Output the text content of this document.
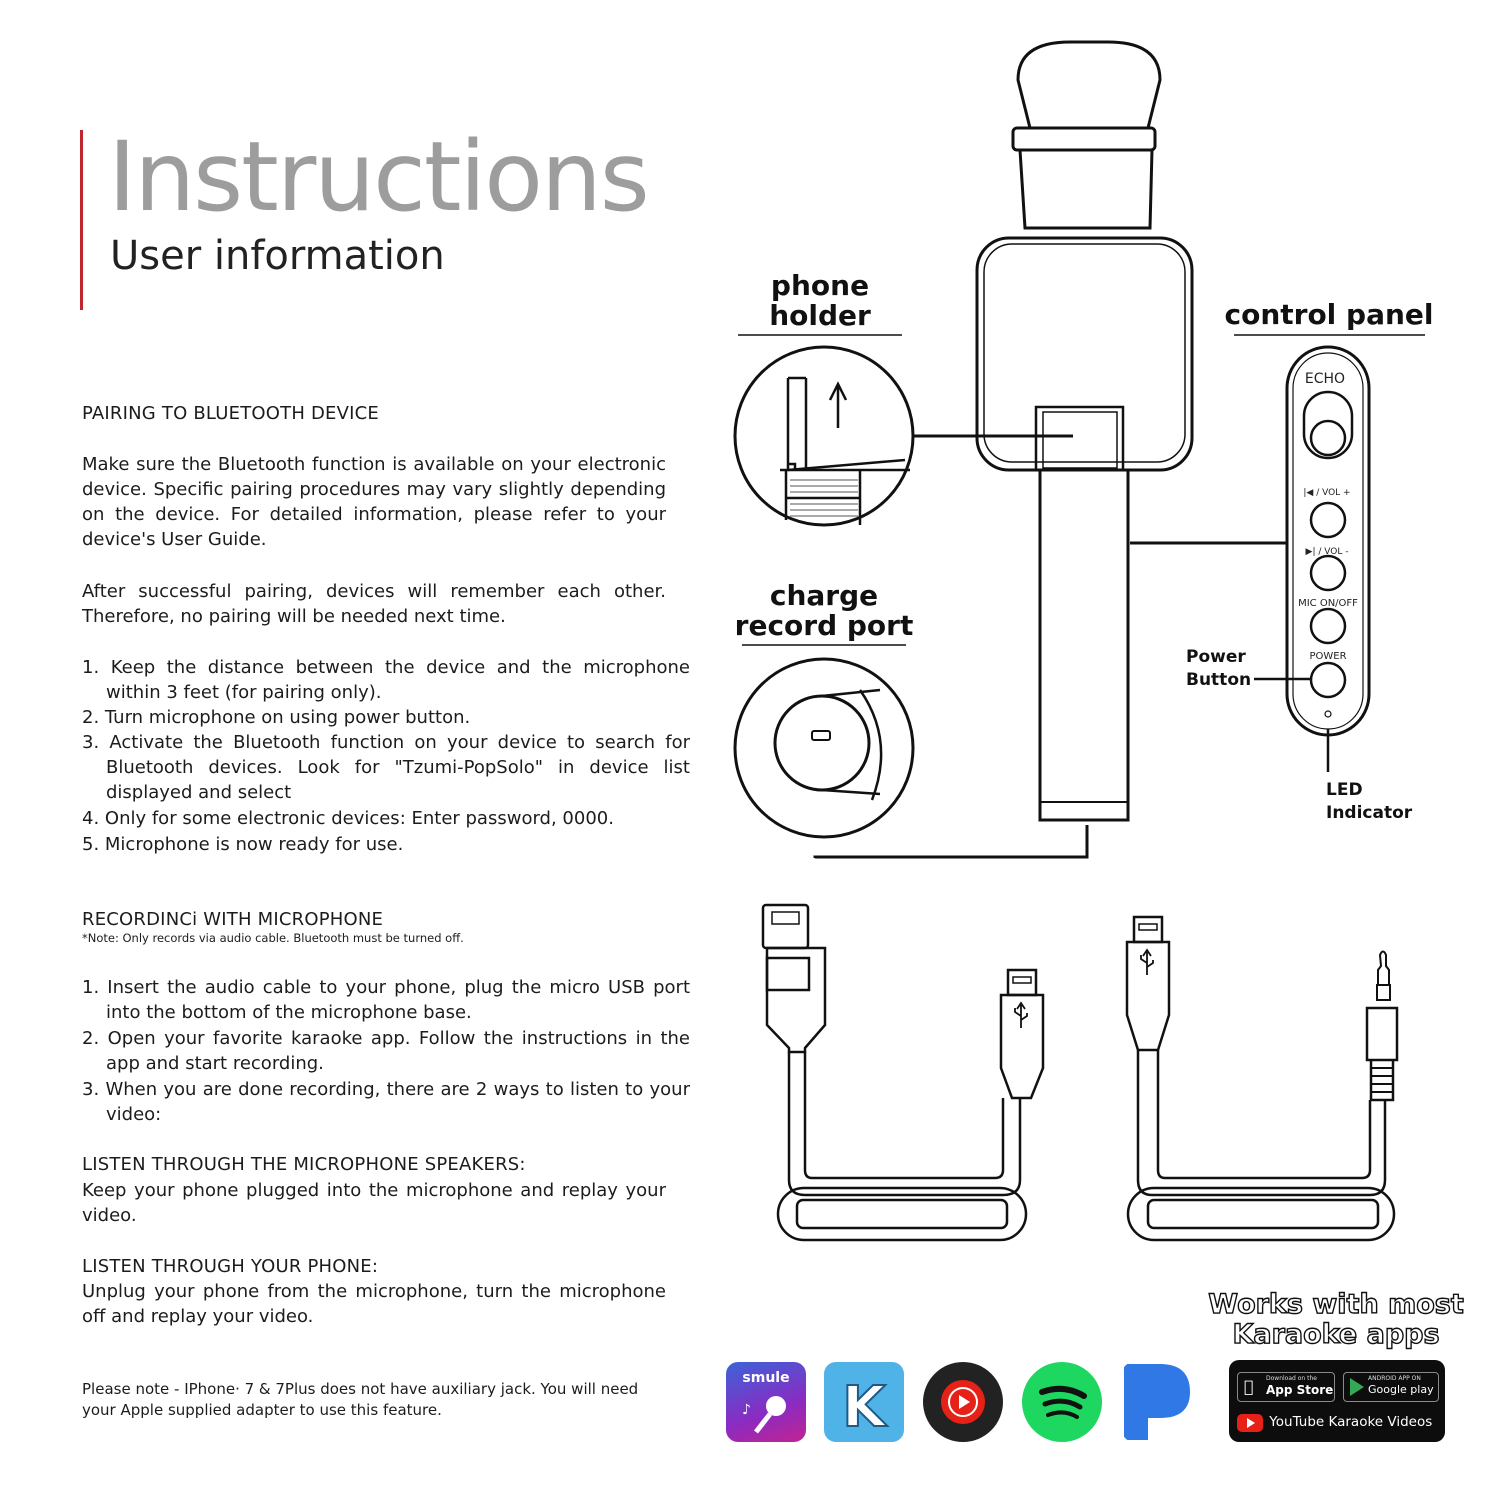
Instructions
User information
PAIRING TO BLUETOOTH DEVICE

Make sure the Bluetooth function is available on your electronic device. Specific pairing procedures may vary slightly depending on the device. For detailed information, please refer to your device's User Guide.

After successful pairing, devices will remember each other. Therefore, no pairing will be needed next time.

1. Keep the distance between the device and the microphone within 3 feet (for pairing only).
2. Turn microphone on using power button.
3. Activate the Bluetooth function on your device to search for Bluetooth devices. Look for "Tzumi-PopSolo" in device list displayed and select
4. Only for some electronic devices: Enter password, 0000.
5. Microphone is now ready for use.
RECORDINCi WITH MICROPHONE
*Note: Only records via audio cable. Bluetooth must be turned off.
1. Insert the audio cable to your phone, plug the micro USB port into the bottom of the microphone base.
2. Open your favorite karaoke app. Follow the instructions in the app and start recording.
3. When you are done recording, there are 2 ways to listen to your video:
LISTEN THROUGH THE MICROPHONE SPEAKERS:
Keep your phone plugged into the microphone and replay your video.
LISTEN THROUGH YOUR PHONE:
Unplug your phone from the microphone, turn the microphone off and replay your video.
Please note - IPhone· 7 & 7Plus does not have auxiliary jack. You will need your Apple supplied adapter to use this feature.
phone
holder
charge
record port
control panel
ECHO
|◀ / VOL +
▶| / VOL -
MIC ON/OFF
POWER
Power
Button
LED
Indicator
Works with most
Karaoke apps
smule
♪ K	Download on the
App Store
ANDROID APP ON
Google play
YouTube Karaoke Videos
